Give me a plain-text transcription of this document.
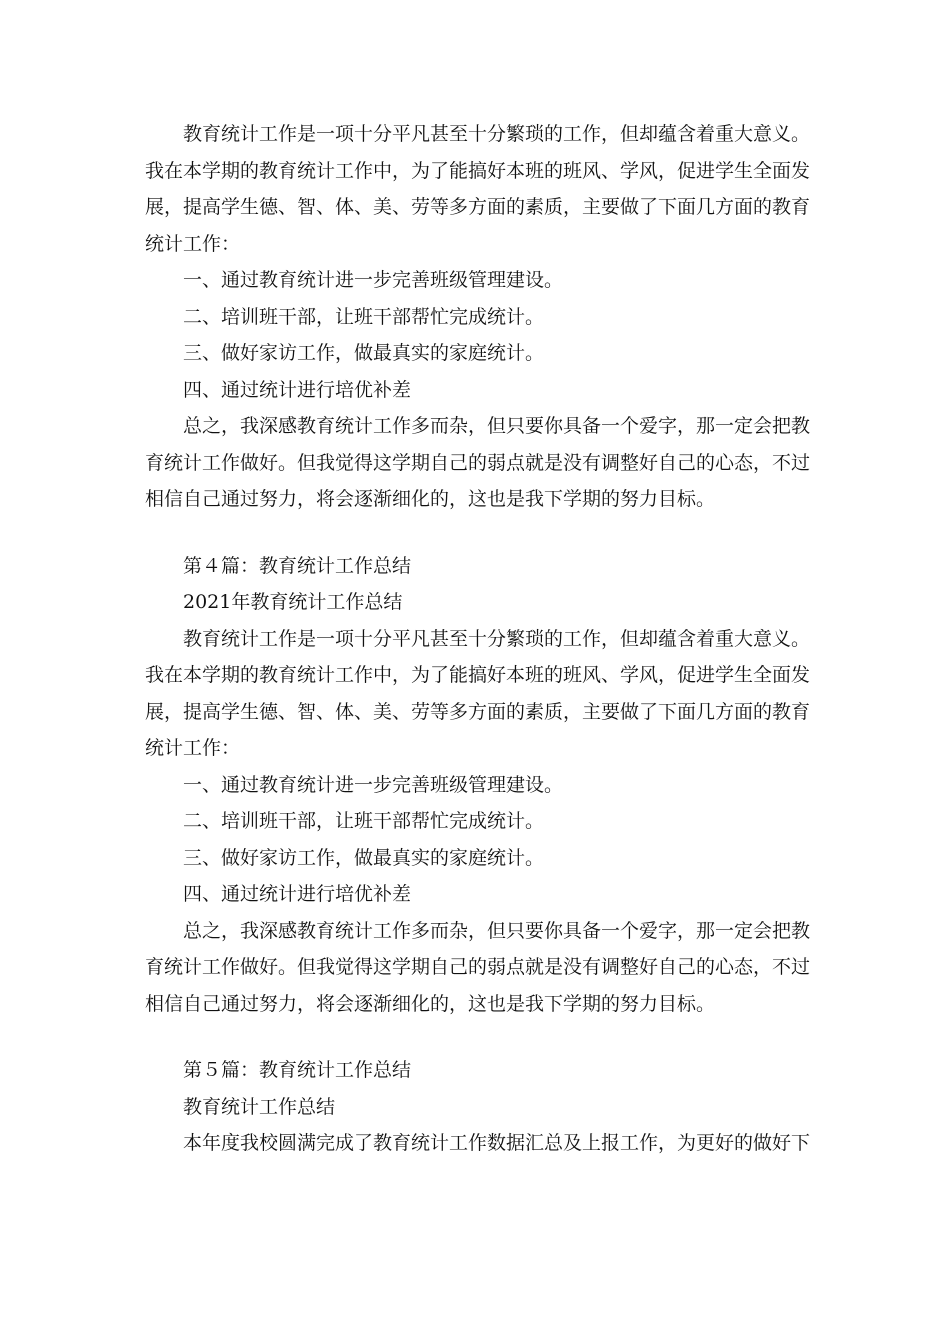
教育统计工作是一项十分平凡甚至十分繁琐的工作，但却蕴含着重大意义。我在本学期的教育统计工作中，为了能搞好本班的班风、学风，促进学生全面发展，提高学生德、智、体、美、劳等多方面的素质，主要做了下面几方面的教育统计工作：

一、通过教育统计进一步完善班级管理建设。

二、培训班干部，让班干部帮忙完成统计。

三、做好家访工作，做最真实的家庭统计。

四、通过统计进行培优补差

总之，我深感教育统计工作多而杂，但只要你具备一个爱字，那一定会把教育统计工作做好。但我觉得这学期自己的弱点就是没有调整好自己的心态，不过相信自己通过努力，将会逐渐细化的，这也是我下学期的努力目标。

第４篇：教育统计工作总结

2021年教育统计工作总结

教育统计工作是一项十分平凡甚至十分繁琐的工作，但却蕴含着重大意义。我在本学期的教育统计工作中，为了能搞好本班的班风、学风，促进学生全面发展，提高学生德、智、体、美、劳等多方面的素质，主要做了下面几方面的教育统计工作：

一、通过教育统计进一步完善班级管理建设。

二、培训班干部，让班干部帮忙完成统计。

三、做好家访工作，做最真实的家庭统计。

四、通过统计进行培优补差

总之，我深感教育统计工作多而杂，但只要你具备一个爱字，那一定会把教育统计工作做好。但我觉得这学期自己的弱点就是没有调整好自己的心态，不过相信自己通过努力，将会逐渐细化的，这也是我下学期的努力目标。

第５篇：教育统计工作总结

教育统计工作总结

本年度我校圆满完成了教育统计工作数据汇总及上报工作，为更好的做好下
